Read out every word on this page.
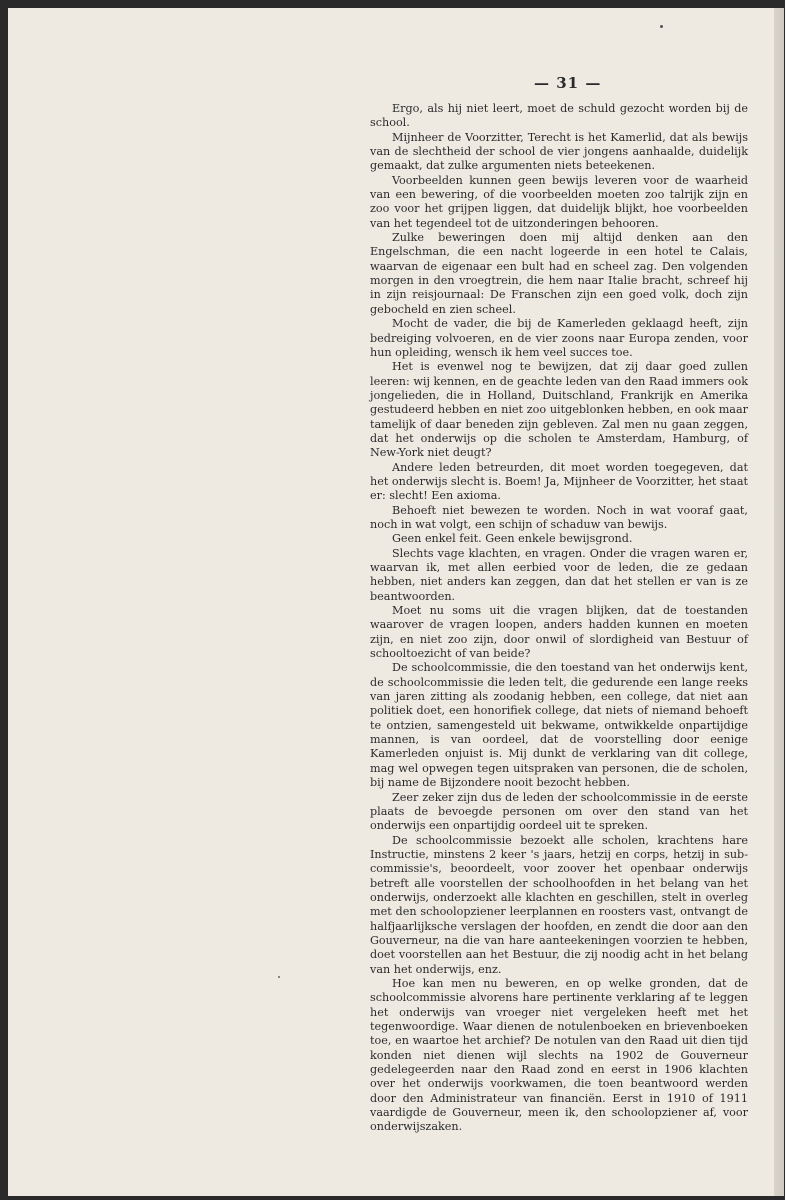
— 31 —

Ergo, als hij niet leert, moet de schuld gezocht worden bij de school.

Mijnheer de Voorzitter, Terecht is het Kamerlid, dat als bewijs van de slechtheid der school de vier jongens aanhaalde, duidelijk gemaakt, dat zulke argumenten niets beteekenen.

Voorbeelden kunnen geen bewijs leveren voor de waarheid van een bewering, of die voorbeelden moeten zoo talrijk zijn en zoo voor het grijpen liggen, dat duidelijk blijkt, hoe voorbeelden van het tegendeel tot de uitzonderingen behooren.

Zulke beweringen doen mij altijd denken aan den Engelschman, die een nacht logeerde in een hotel te Calais, waarvan de eigenaar een bult had en scheel zag. Den volgenden morgen in den vroegtrein, die hem naar Italie bracht, schreef hij in zijn reisjournaal: De Franschen zijn een goed volk, doch zijn gebocheld en zien scheel.

Mocht de vader, die bij de Kamerleden geklaagd heeft, zijn bedreiging volvoeren, en de vier zoons naar Europa zenden, voor hun opleiding, wensch ik hem veel succes toe.

Het is evenwel nog te bewijzen, dat zij daar goed zullen leeren: wij kennen, en de geachte leden van den Raad immers ook jongelieden, die in Holland, Duitschland, Frankrijk en Amerika gestudeerd hebben en niet zoo uitgeblonken hebben, en ook maar tamelijk of daar beneden zijn gebleven. Zal men nu gaan zeggen, dat het onderwijs op die scholen te Amsterdam, Hamburg, of New-York niet deugt?

Andere leden betreurden, dit moet worden toegegeven, dat het onderwijs slecht is. Boem! Ja, Mijnheer de Voorzitter, het staat er: slecht! Een axioma.

Behoeft niet bewezen te worden. Noch in wat vooraf gaat, noch in wat volgt, een schijn of schaduw van bewijs.

Geen enkel feit. Geen enkele bewijsgrond.

Slechts vage klachten, en vragen. Onder die vragen waren er, waarvan ik, met allen eerbied voor de leden, die ze gedaan hebben, niet anders kan zeggen, dan dat het stellen er van is ze beantwoorden.

Moet nu soms uit die vragen blijken, dat de toestanden waarover de vragen loopen, anders hadden kunnen en moeten zijn, en niet zoo zijn, door onwil of slordigheid van Bestuur of schooltoezicht of van beide?

De schoolcommissie, die den toestand van het onderwijs kent, de schoolcommissie die leden telt, die gedurende een lange reeks van jaren zitting als zoodanig hebben, een college, dat niet aan politiek doet, een honorifiek college, dat niets of niemand behoeft te ontzien, samengesteld uit bekwame, ontwikkelde onpartijdige mannen, is van oordeel, dat de voorstelling door eenige Kamerleden onjuist is. Mij dunkt de verklaring van dit college, mag wel opwegen tegen uitspraken van personen, die de scholen, bij name de Bijzondere nooit bezocht hebben.

Zeer zeker zijn dus de leden der schoolcommissie in de eerste plaats de bevoegde personen om over den stand van het onderwijs een onpartijdig oordeel uit te spreken.

De schoolcommissie bezoekt alle scholen, krachtens hare Instructie, minstens 2 keer 's jaars, hetzij en corps, hetzij in sub-commissie's, beoordeelt, voor zoover het openbaar onderwijs betreft alle voorstellen der schoolhoofden in het belang van het onderwijs, onderzoekt alle klachten en geschillen, stelt in overleg met den schoolopziener leerplannen en roosters vast, ontvangt de halfjaarlijksche verslagen der hoofden, en zendt die door aan den Gouverneur, na die van hare aanteekeningen voorzien te hebben, doet voorstellen aan het Bestuur, die zij noodig acht in het belang van het onderwijs, enz.

Hoe kan men nu beweren, en op welke gronden, dat de schoolcommissie alvorens hare pertinente verklaring af te leggen het onderwijs van vroeger niet vergeleken heeft met het tegenwoordige. Waar dienen de notulenboeken en brievenboeken toe, en waartoe het archief? De notulen van den Raad uit dien tijd konden niet dienen wijl slechts na 1902 de Gouverneur gedelegeerden naar den Raad zond en eerst in 1906 klachten over het onderwijs voorkwamen, die toen beantwoord werden door den Administrateur van financiën. Eerst in 1910 of 1911 vaardigde de Gouverneur, meen ik, den schoolopziener af, voor onderwijszaken.
